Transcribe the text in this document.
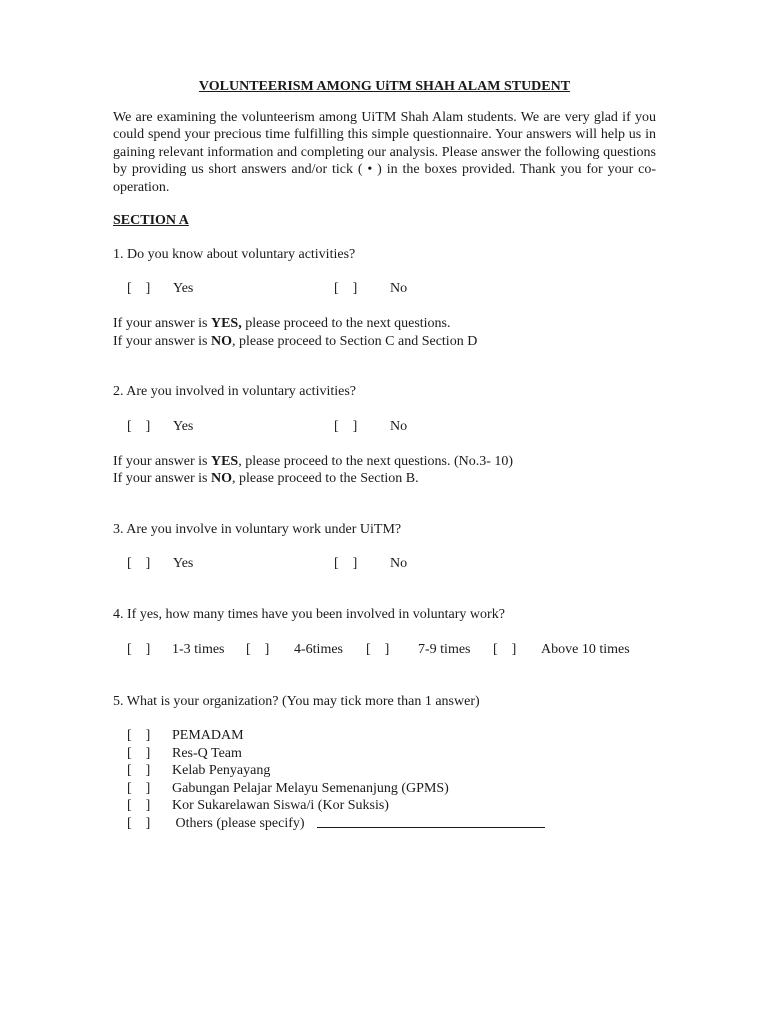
VOLUNTEERISM AMONG UiTM SHAH ALAM STUDENT

We are examining the volunteerism among UiTM Shah Alam students. We are very glad if you could spend your precious time fulfilling this simple questionnaire. Your answers will help us in gaining relevant information and completing our analysis. Please answer the following questions by providing us short answers and/or tick ( • ) in the boxes provided. Thank you for your co-operation.

SECTION A
1. Do you know about voluntary activities?
[    ] Yes	[    ] No
If your answer is YES, please proceed to the next questions.
If your answer is NO, please proceed to Section C and Section D
2. Are you involved in voluntary activities?
[    ] Yes	[    ] No
If your answer is YES, please proceed to the next questions. (No.3- 10)
If your answer is NO, please proceed to the Section B.
3. Are you involve in voluntary work under UiTM?
[    ] Yes	[    ] No
4. If yes, how many times have you been involved in voluntary work?
[    ] 1-3 times [    ] 4-6times [    ] 7-9 times [    ] Above 10 times
5. What is your organization? (You may tick more than 1 answer)
[    ] PEMADAM
[    ] Res-Q Team
[    ] Kelab Penyayang
[    ] Gabungan Pelajar Melayu Semenanjung (GPMS)
[    ] Kor Sukarelawan Siswa/i (Kor Suksis)
[    ] Others (please specify)
